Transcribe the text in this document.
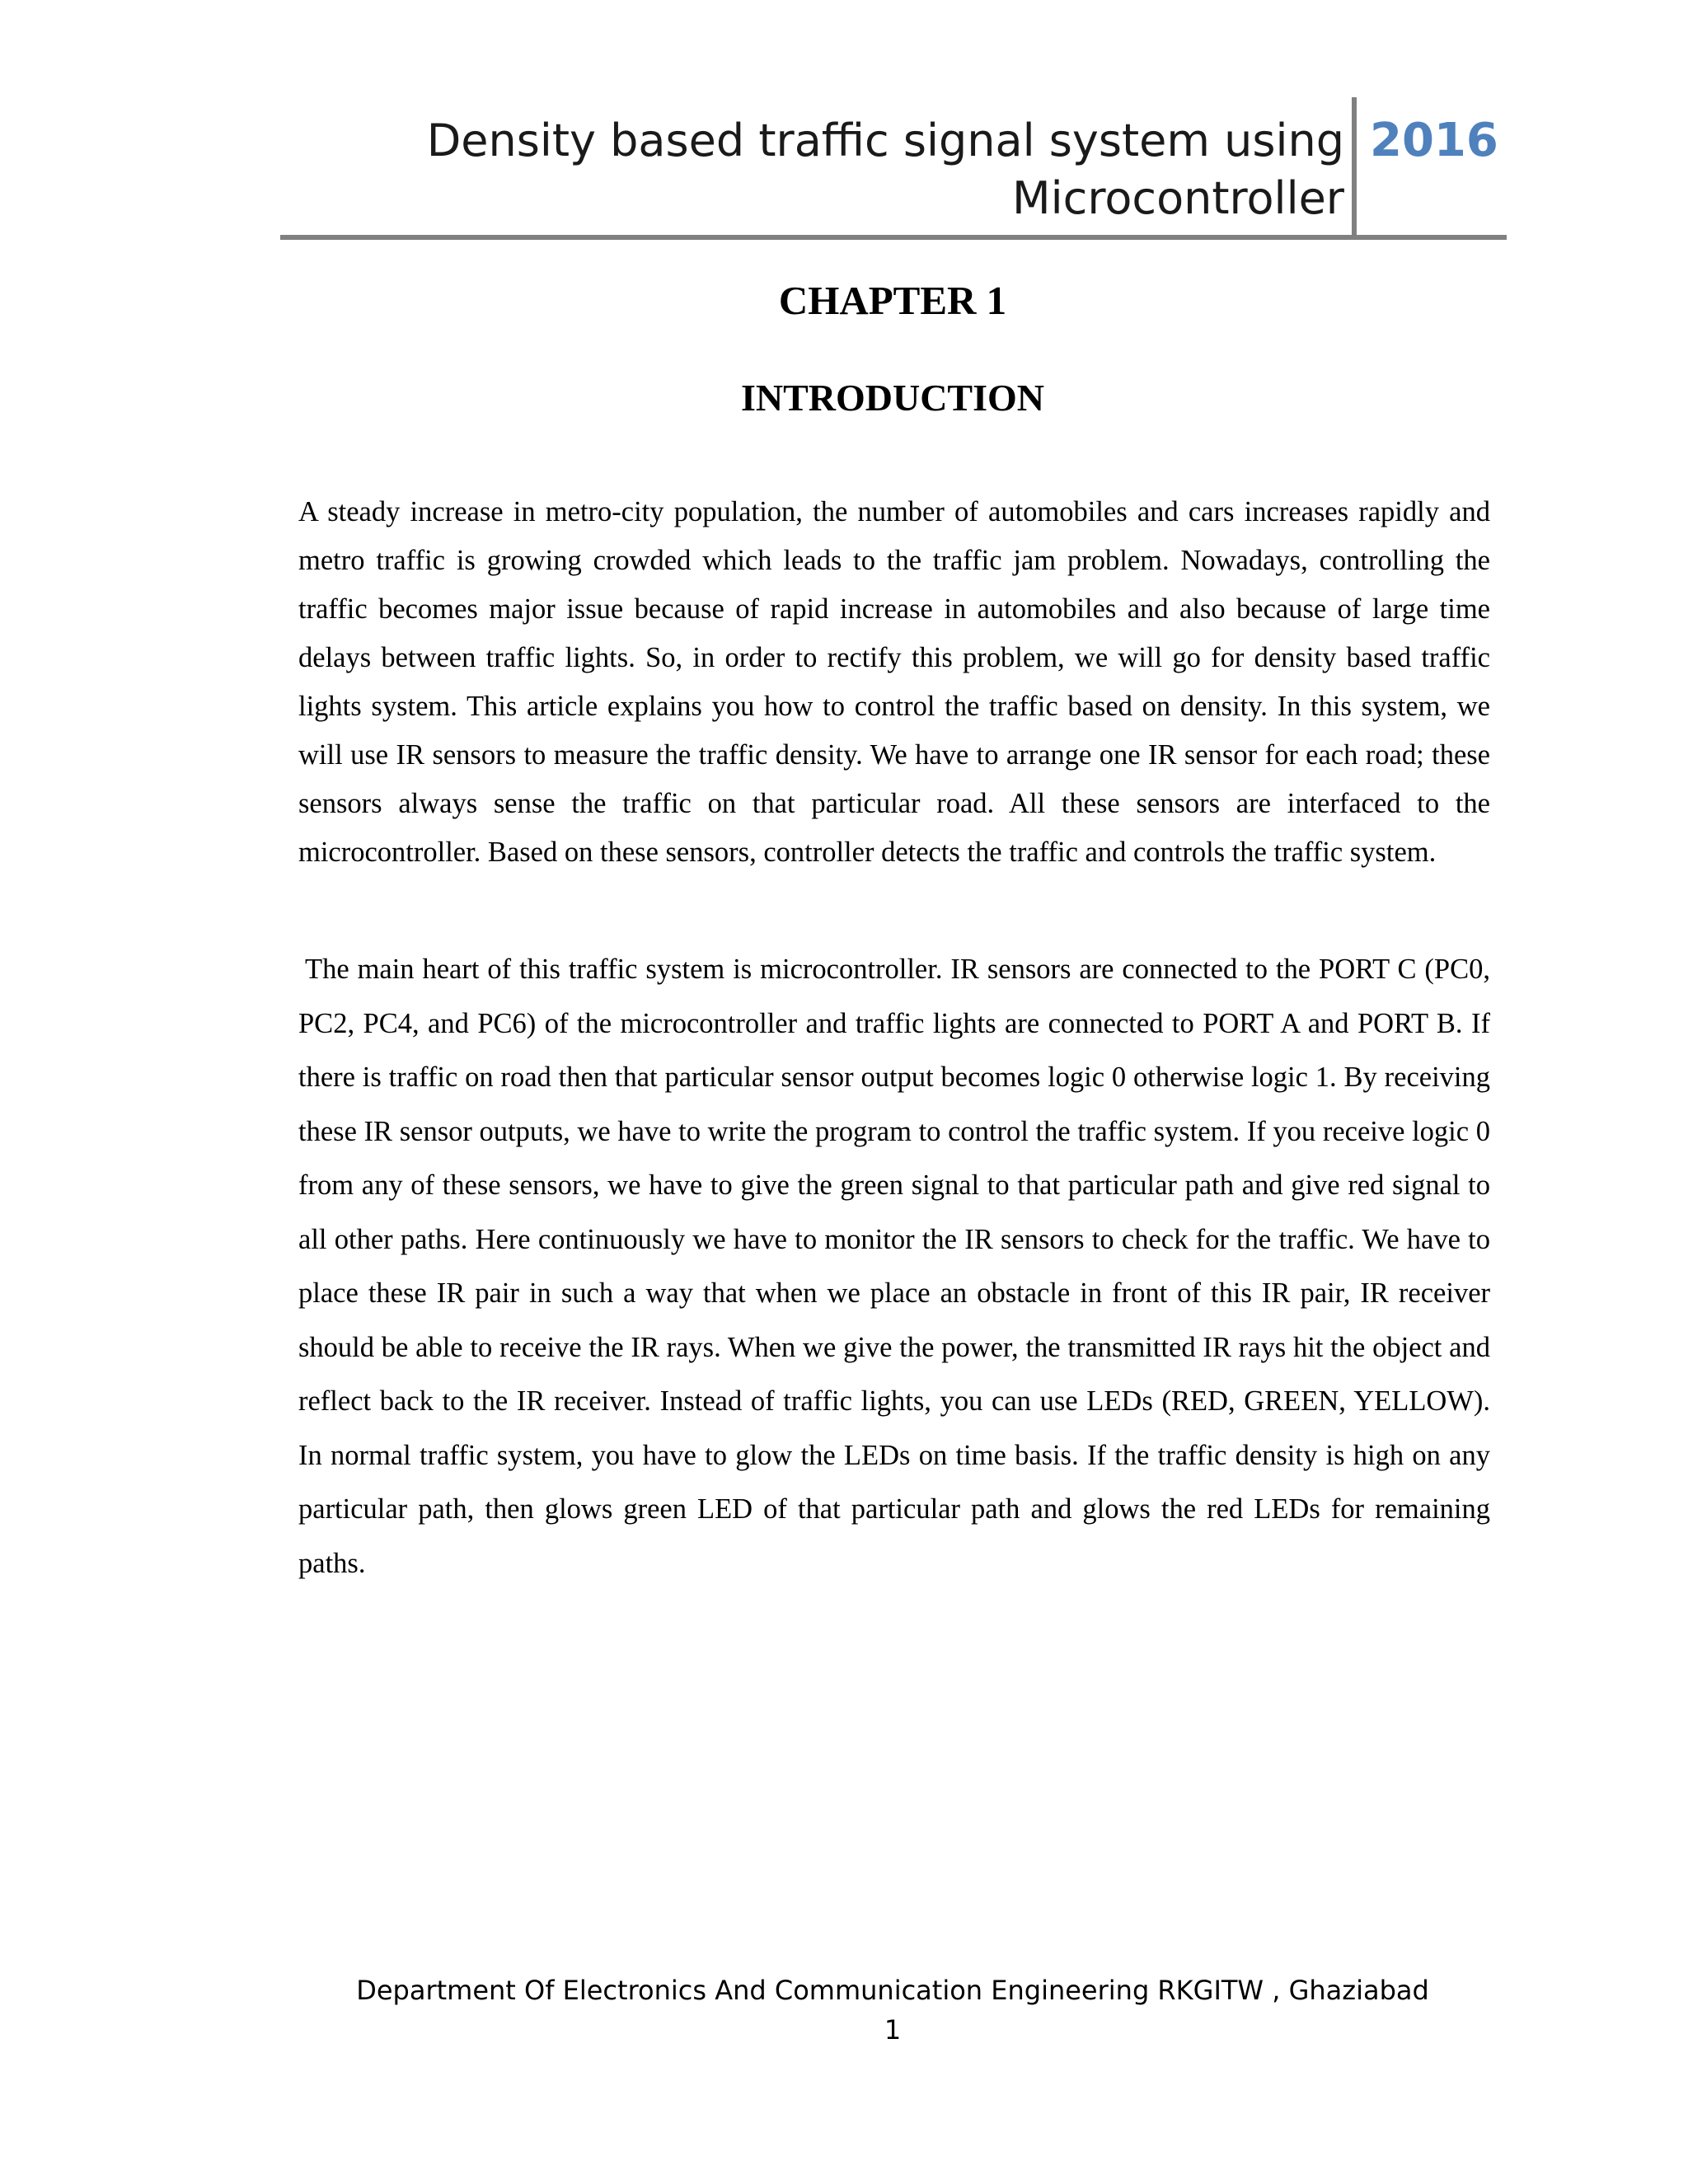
Density based traffic signal system using
Microcontroller
2016
CHAPTER 1
INTRODUCTION

A steady increase in metro-city population, the number of automobiles and cars increases rapidly and metro traffic is growing crowded which leads to the traffic jam problem. Nowadays, controlling the traffic becomes major issue because of rapid increase in automobiles and also because of large time delays between traffic lights. So, in order to rectify this problem, we will go for density based traffic lights system. This article explains you how to control the traffic based on density. In this system, we will use IR sensors to measure the traffic density. We have to arrange one IR sensor for each road; these sensors always sense the traffic on that particular road. All these sensors are interfaced to the microcontroller. Based on these sensors, controller detects the traffic and controls the traffic system.

The main heart of this traffic system is microcontroller. IR sensors are connected to the PORT C (PC0, PC2, PC4, and PC6) of the microcontroller and traffic lights are connected to PORT A and PORT B. If there is traffic on road then that particular sensor output becomes logic 0 otherwise logic 1. By receiving these IR sensor outputs, we have to write the program to control the traffic system. If you receive logic 0 from any of these sensors, we have to give the green signal to that particular path and give red signal to all other paths. Here continuously we have to monitor the IR sensors to check for the traffic. We have to place these IR pair in such a way that when we place an obstacle in front of this IR pair, IR receiver should be able to receive the IR rays. When we give the power, the transmitted IR rays hit the object and reflect back to the IR receiver. Instead of traffic lights, you can use LEDs (RED, GREEN, YELLOW). In normal traffic system, you have to glow the LEDs on time basis. If the traffic density is high on any particular path, then glows green LED of that particular path and glows the red LEDs for remaining paths.

Department Of Electronics And Communication Engineering RKGITW , Ghaziabad
1
